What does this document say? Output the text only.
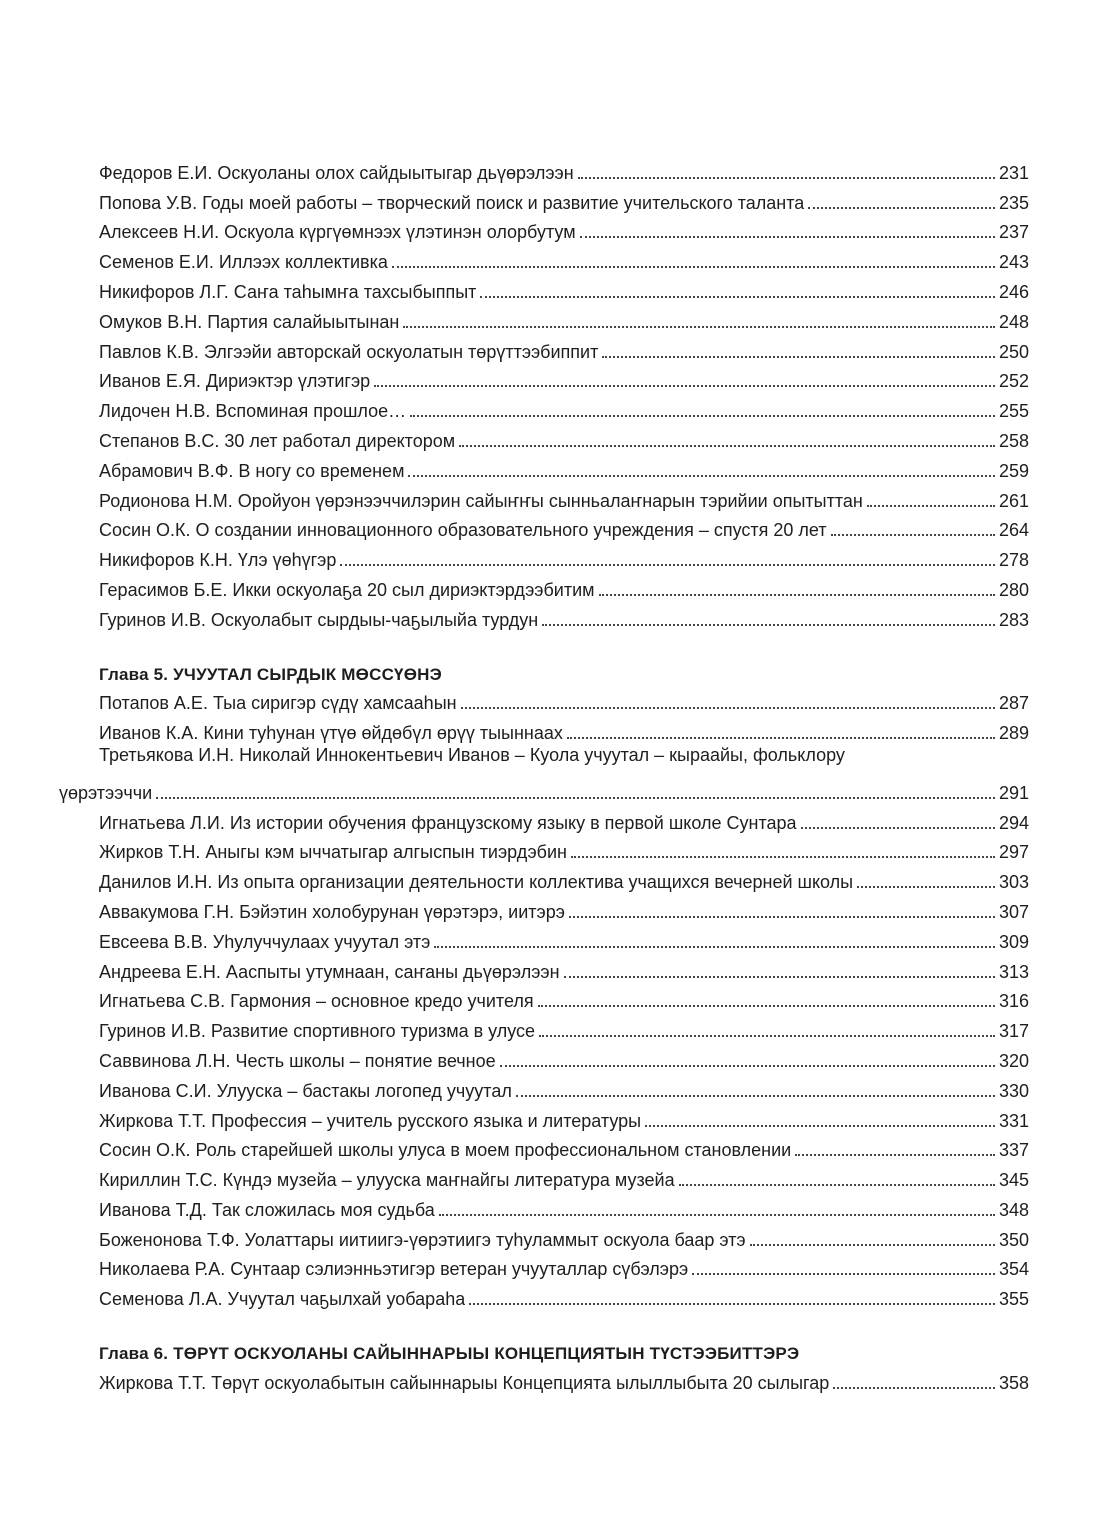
Федоров Е.И. Оскуоланы олох сайдыытыгар дьүөрэлээн	231
Попова У.В. Годы моей работы – творческий поиск и развитие учительского таланта	235
Алексеев Н.И. Оскуола күргүөмнээх үлэтинэн олорбутум	237
Семенов Е.И. Иллээх коллективка	243
Никифоров Л.Г. Саҥа таһымҥа тахсыбыппыт	246
Омуков В.Н. Партия салайыытынан	248
Павлов К.В. Элгээйи авторскай оскуолатын төрүттээбиппит	250
Иванов Е.Я. Дириэктэр үлэтигэр	252
Лидочен Н.В. Вспоминая прошлое…	255
Степанов В.С. 30 лет работал директором	258
Абрамович В.Ф. В ногу со временем	259
Родионова Н.М. Оройуон үөрэнээччилэрин сайыҥҥы сынньалаҥнарын тэрийии опытыттан	261
Сосин О.К. О создании инновационного образовательного учреждения – спустя 20 лет	264
Никифоров К.Н. Үлэ үөһүгэр	278
Герасимов Б.Е. Икки оскуолаҕа 20 сыл дириэктэрдээбитим	280
Гуринов И.В. Оскуолабыт сырдыы-чаҕылыйа турдун	283
Глава 5. УЧУУТАЛ СЫРДЫК МӨССҮӨНЭ
Потапов А.Е. Тыа сиригэр сүдү хамсааһын	287
Иванов К.А. Кини туһунан үтүө өйдөбүл өрүү тыыннаах	289
Третьякова И.Н. Николай Иннокентьевич Иванов – Куола учуутал – кыраайы, фольклору
үөрэтээччи	291
Игнатьева Л.И. Из истории обучения французскому языку в первой школе Сунтара	294
Жирков Т.Н. Аныгы кэм ыччатыгар алгыспын тиэрдэбин	297
Данилов И.Н. Из опыта организации деятельности коллектива учащихся вечерней школы	303
Аввакумова Г.Н. Бэйэтин холобурунан үөрэтэрэ, иитэрэ	307
Евсеева В.В. Уһулуччулаах учуутал этэ	309
Андреева Е.Н. Ааспыты утумнаан, саҥаны дьүөрэлээн	313
Игнатьева С.В. Гармония – основное кредо учителя	316
Гуринов И.В. Развитие спортивного туризма в улусе	317
Саввинова Л.Н. Честь школы – понятие вечное	320
Иванова С.И. Улууска – бастакы логопед учуутал	330
Жиркова Т.Т. Профессия – учитель русского языка и литературы	331
Сосин О.К. Роль старейшей школы улуса в моем профессиональном становлении	337
Кириллин Т.С. Күндэ музейа – улууска маҥнайгы литература музейа	345
Иванова Т.Д. Так сложилась моя судьба	348
Боженонова Т.Ф. Уолаттары иитиигэ-үөрэтиигэ туһуламмыт оскуола баар этэ	350
Николаева Р.А. Сунтаар сэлиэнньэтигэр ветеран учууталлар сүбэлэрэ	354
Семенова Л.А. Учуутал чаҕылхай уобараһа	355
Глава 6. ТӨРҮТ ОСКУОЛАНЫ САЙЫННАРЫЫ КОНЦЕПЦИЯТЫН ТҮСТЭЭБИТТЭРЭ
Жиркова Т.Т. Төрүт оскуолабытын сайыннарыы Концепцията ылыллыбыта 20 сылыгар	358
